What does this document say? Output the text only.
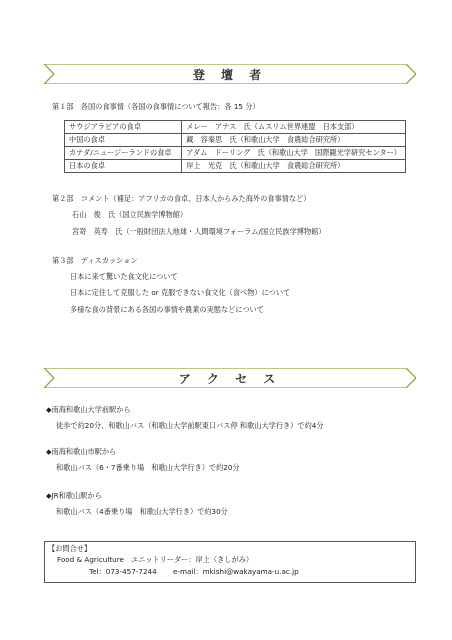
登 壇 者
第１部　各国の食事情（各国の食事情について報告：各 15 分）
サウジアラビアの食卓	メレー　アナス　氏（ムスリム世界連盟　日本支部）
中国の食卓	藏　容秦思　氏（和歌山大学　食農総合研究所）
カナダ/ニュージーランドの食卓	アダム　ドーリング　氏（和歌山大学　国際観光学研究センター）
日本の食卓	岸上　光克　氏（和歌山大学　食農総合研究所）
第２部　コメント（補足：アフリカの食卓、日本人からみた海外の食事情など）
石山　俊　氏（国立民族学博物館）
宮嵜　英寿　氏（一般財団法人地球・人間環境フォーラム/国立民族学博物館）
第３部　ディスカッション
日本に来て驚いた食文化について
日本に定住して克服した or 克服できない食文化（食べ物）について
多様な食の背景にある各国の事情や農業の実態などについて
ア ク セ ス
◆南海和歌山大学前駅から
徒歩で約20分、和歌山バス（和歌山大学前駅東口バス停 和歌山大学行き）で約4分
◆南海和歌山市駅から
和歌山バス（6・7番乗り場　和歌山大学行き）で約20分
◆JR和歌山駅から
和歌山バス（4番乗り場　和歌山大学行き）で約30分
【お問合せ】
Food & Agriculture　ユニットリーダー：岸上（きしがみ）
Tel：073-457-7244 e-mail：mkishi@wakayama-u.ac.jp
